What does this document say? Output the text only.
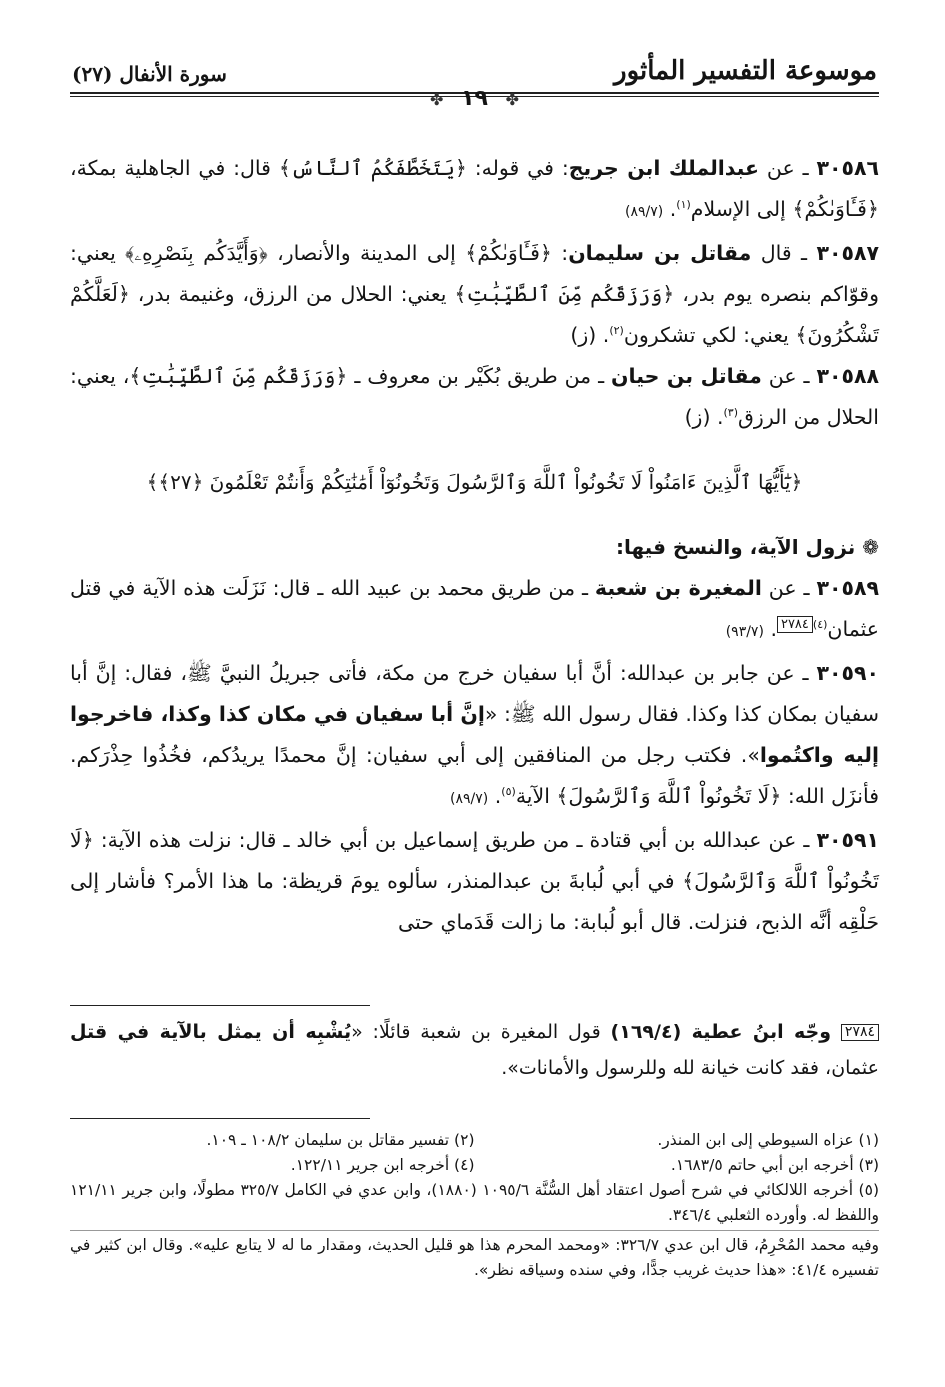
موسوعة التفسير المأثور
سورة الأنفال (٢٧)
✤ ١٩ ✤

٣٠٥٨٦ ـ عن عبدالملك ابن جريج: في قوله: ﴿يَتَخَطَّفَكُمُ ٱلنَّاسُ﴾ قال: في الجاهلية بمكة، ﴿فَـَٔاوَىٰكُمْ﴾ إلى الإسلام$^{(١)}$. (٨٩/٧)

٣٠٥٨٧ ـ قال مقاتل بن سليمان: ﴿فَـَٔاوَىٰكُمْ﴾ إلى المدينة والأنصار، ﴿وَأَيَّدَكُم بِنَصْرِهِۦ﴾ يعني: وقوّاكم بنصره يوم بدر، ﴿وَرَزَقَكُم مِّنَ ٱلطَّيِّبَٰتِ﴾ يعني: الحلال من الرزق، وغنيمة بدر، ﴿لَعَلَّكُمْ تَشْكُرُونَ﴾ يعني: لكي تشكرون$^{(٢)}$. (ز)

٣٠٥٨٨ ـ عن مقاتل بن حيان ـ من طريق بُكَيْر بن معروف ـ ﴿وَرَزَقَكُم مِّنَ ٱلطَّيِّبَٰتِ﴾، يعني: الحلال من الرزق$^{(٣)}$. (ز)

﴿يَٰٓأَيُّهَا ٱلَّذِينَ ءَامَنُواْ لَا تَخُونُواْ ٱللَّهَ وَٱلرَّسُولَ وَتَخُونُوٓاْ أَمَٰنَٰتِكُمْ وَأَنتُمْ تَعْلَمُونَ ﴿٢٧﴾﴾
❁ نزول الآية، والنسخ فيها:

٣٠٥٨٩ ـ عن المغيرة بن شعبة ـ من طريق محمد بن عبيد الله ـ قال: نَزَلَت هذه الآية في قتل عثمان$^{(٤)}$٢٧٨٤. (٩٣/٧)

٣٠٥٩٠ ـ عن جابر بن عبدالله: أنَّ أبا سفيان خرج من مكة، فأتى جبريلُ النبيَّ ﷺ، فقال: إنَّ أبا سفيان بمكان كذا وكذا. فقال رسول الله ﷺ: «إنَّ أبا سفيان في مكان كذا وكذا، فاخرجوا إليه واكتُموا». فكتب رجل من المنافقين إلى أبي سفيان: إنَّ محمدًا يريدُكم، فخُذُوا حِذْرَكم. فأنزَل الله: ﴿لَا تَخُونُواْ ٱللَّهَ وَٱلرَّسُولَ﴾ الآية$^{(٥)}$. (٨٩/٧)

٣٠٥٩١ ـ عن عبدالله بن أبي قتادة ـ من طريق إسماعيل بن أبي خالد ـ قال: نزلت هذه الآية: ﴿لَا تَخُونُواْ ٱللَّهَ وَٱلرَّسُولَ﴾ في أبي لُبابةَ بن عبدالمنذر، سألوه يومَ قريظة: ما هذا الأمر؟ فأشار إلى حَلْقِه أنَّه الذبح، فنزلت. قال أبو لُبابة: ما زالت قَدَماي حتى

٢٧٨٤ وجّه ابنُ عطية (١٦٩/٤) قول المغيرة بن شعبة قائلًا: «يُشْبِه أن يمثل بالآية في قتل عثمان، فقد كانت خيانة لله وللرسول والأمانات».

(١) عزاه السيوطي إلى ابن المنذر.
(٢) تفسير مقاتل بن سليمان ١٠٨/٢ ـ ١٠٩.
(٣) أخرجه ابن أبي حاتم ١٦٨٣/٥.
(٤) أخرجه ابن جرير ١٢٢/١١.

(٥) أخرجه اللالكائي في شرح أصول اعتقاد أهل السُّنَّة ١٠٩٥/٦ (١٨٨٠)، وابن عدي في الكامل ٣٢٥/٧ مطولًا، وابن جرير ١٢١/١١ واللفظ له. وأورده الثعلبي ٣٤٦/٤.

وفيه محمد المُحْرِمُ، قال ابن عدي ٣٢٦/٧: «ومحمد المحرم هذا هو قليل الحديث، ومقدار ما له لا يتابع عليه». وقال ابن كثير في تفسيره ٤١/٤: «هذا حديث غريب جدًّا، وفي سنده وسياقه نظر».
